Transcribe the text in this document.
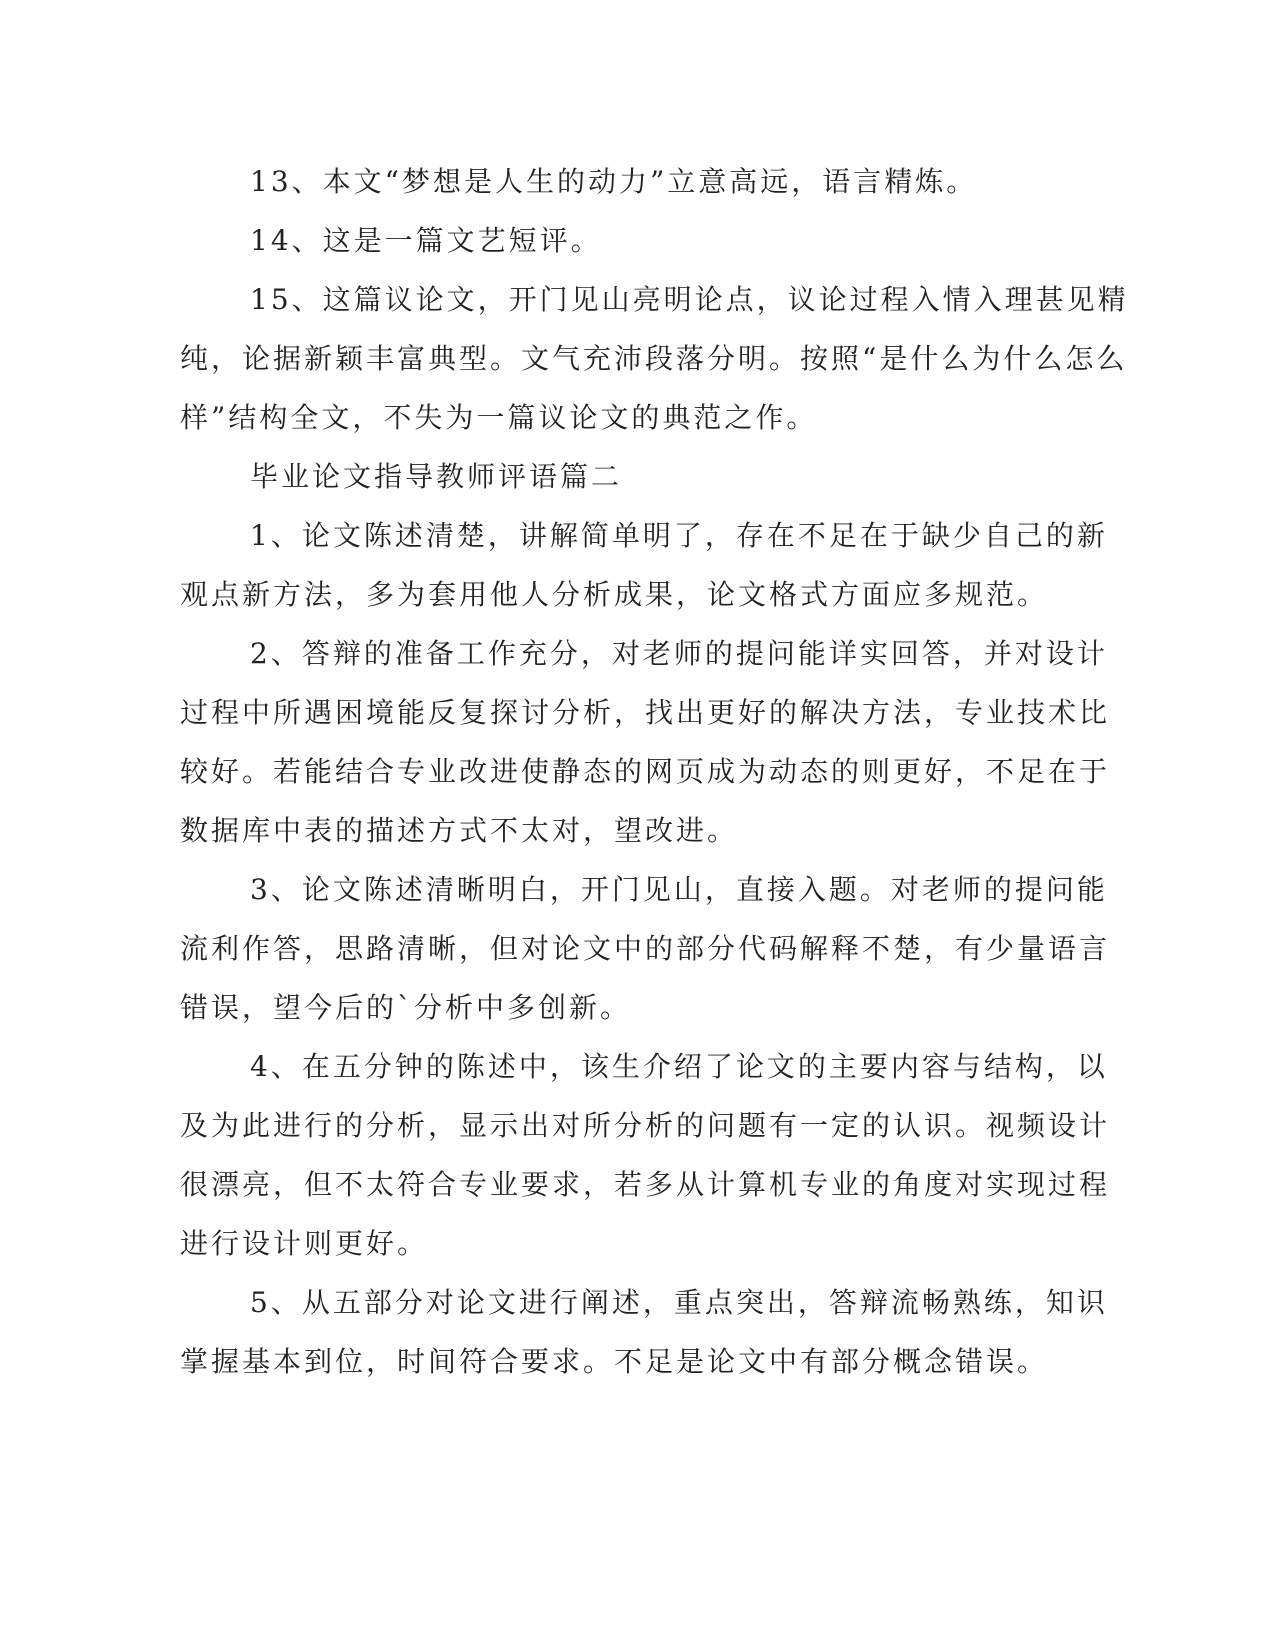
13、本文“梦想是人生的动力”立意高远，语言精炼。

14、这是一篇文艺短评。

15、这篇议论文，开门见山亮明论点，议论过程入情入理甚见精

纯，论据新颖丰富典型。文气充沛段落分明。按照“是什么为什么怎么

样”结构全文，不失为一篇议论文的典范之作。

毕业论文指导教师评语篇二

1、论文陈述清楚，讲解简单明了，存在不足在于缺少自己的新

观点新方法，多为套用他人分析成果，论文格式方面应多规范。

2、答辩的准备工作充分，对老师的提问能详实回答，并对设计

过程中所遇困境能反复探讨分析，找出更好的解决方法，专业技术比

较好。若能结合专业改进使静态的网页成为动态的则更好，不足在于

数据库中表的描述方式不太对，望改进。

3、论文陈述清晰明白，开门见山，直接入题。对老师的提问能

流利作答，思路清晰，但对论文中的部分代码解释不楚，有少量语言

错误，望今后的`分析中多创新。

4、在五分钟的陈述中，该生介绍了论文的主要内容与结构，以

及为此进行的分析，显示出对所分析的问题有一定的认识。视频设计

很漂亮，但不太符合专业要求，若多从计算机专业的角度对实现过程

进行设计则更好。

5、从五部分对论文进行阐述，重点突出，答辩流畅熟练，知识

掌握基本到位，时间符合要求。不足是论文中有部分概念错误。
